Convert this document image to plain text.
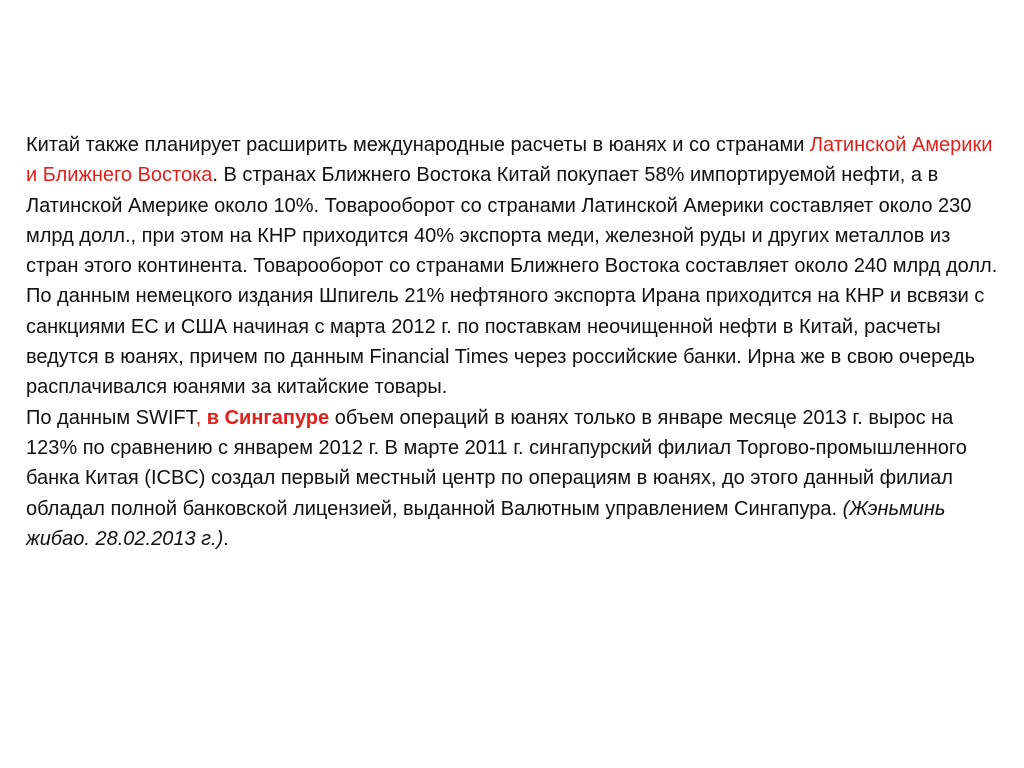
Китай также планирует расширить международные расчеты в юанях и со странами Латинской Америки и Ближнего Востока. В странах Ближнего Востока Китай покупает 58% импортируемой нефти, а в Латинской Америке около 10%. Товарооборот со странами Латинской Америки составляет около 230 млрд долл., при этом на КНР приходится 40% экспорта меди, железной руды и других металлов из стран этого континента. Товарооборот со странами Ближнего Востока составляет около 240 млрд долл.

По данным немецкого издания Шпигель 21% нефтяного экспорта Ирана приходится на КНР и всвязи с санкциями ЕС и США начиная с марта 2012 г. по поставкам неочищенной нефти в Китай, расчеты ведутся в юанях, причем по данным Financial Times через российские банки. Ирна же в свою очередь расплачивался юанями за китайские товары.

По данным SWIFT, в Сингапуре объем операций в юанях только в январе месяце 2013 г. вырос на 123% по сравнению с январем 2012 г. В марте 2011 г. сингапурский филиал Торгово-промышленного банка Китая (ICBC) создал первый местный центр по операциям в юанях, до этого данный филиал обладал полной банковской лицензией, выданной Валютным управлением Сингапура. (Жэньминь жибао. 28.02.2013 г.).
